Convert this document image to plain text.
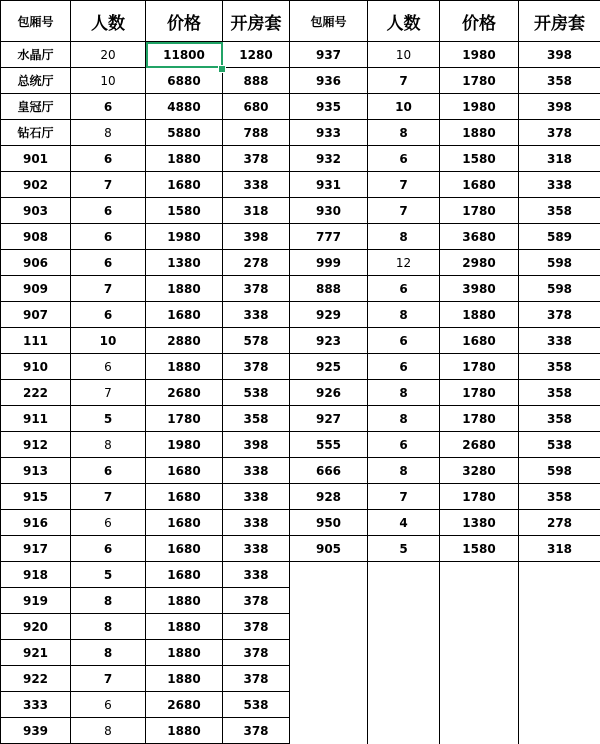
包厢号	人数	价格	开房套	包厢号	人数	价格	开房套
水晶厅	20	11800	1280	937	10	1980	398
总统厅	10	6880	888	936	7	1780	358
皇冠厅	6	4880	680	935	10	1980	398
钻石厅	8	5880	788	933	8	1880	378
901	6	1880	378	932	6	1580	318
902	7	1680	338	931	7	1680	338
903	6	1580	318	930	7	1780	358
908	6	1980	398	777	8	3680	589
906	6	1380	278	999	12	2980	598
909	7	1880	378	888	6	3980	598
907	6	1680	338	929	8	1880	378
111	10	2880	578	923	6	1680	338
910	6	1880	378	925	6	1780	358
222	7	2680	538	926	8	1780	358
911	5	1780	358	927	8	1780	358
912	8	1980	398	555	6	2680	538
913	6	1680	338	666	8	3280	598
915	7	1680	338	928	7	1780	358
916	6	1680	338	950	4	1380	278
917	6	1680	338	905	5	1580	318
918	5	1680	338				
919	8	1880	378				
920	8	1880	378				
921	8	1880	378				
922	7	1880	378				
333	6	2680	538				
939	8	1880	378				
